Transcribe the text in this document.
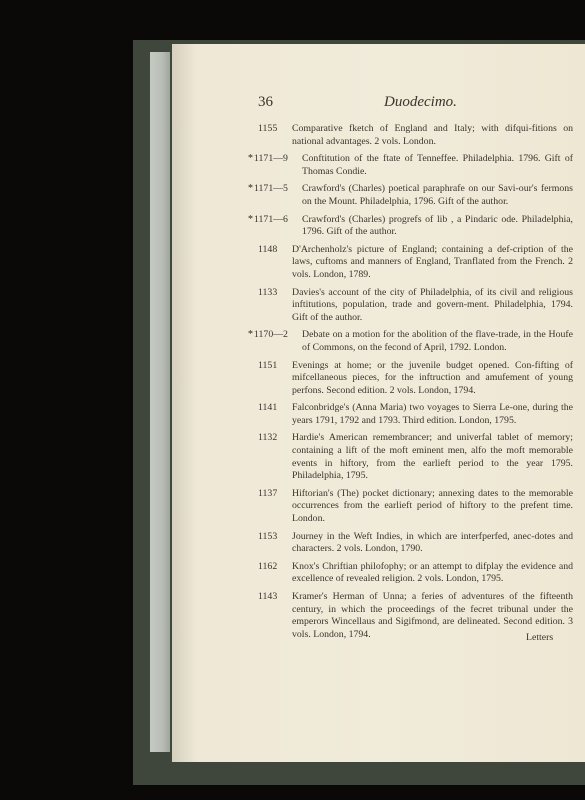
36	Duodecimo.
1155	Comparative fketch of England and Italy; with difqui-fitions on national advantages. 2 vols. London.
* 1171—9 Conftitution of the ftate of Tenneffee. Philadelphia. 1796. Gift of Thomas Condie.
* 1171—5 Crawford's (Charles) poetical paraphrafe on our Savi-our's fermons on the Mount. Philadelphia, 1796. Gift of the author.
* 1171—6 Crawford's (Charles) progrefs of lib , a Pindaric ode. Philadelphia, 1796. Gift of the author.
1148	D'Archenholz's picture of England; containing a def-cription of the laws, cuftoms and manners of England, Tranflated from the French. 2 vols. London, 1789.
1133	Davies's account of the city of Philadelphia, of its civil and religious inftitutions, population, trade and govern-ment. Philadelphia, 1794. Gift of the author.
* 1170—2 Debate on a motion for the abolition of the flave-trade, in the Houfe of Commons, on the fecond of April, 1792. London.
1151	Evenings at home; or the juvenile budget opened. Con-fifting of mifcellaneous pieces, for the inftruction and amufement of young perfons. Second edition. 2 vols. London, 1794.
1141	Falconbridge's (Anna Maria) two voyages to Sierra Le-one, during the years 1791, 1792 and 1793. Third edition. London, 1795.
1132	Hardie's American remembrancer; and univerfal tablet of memory; containing a lift of the moft eminent men, alfo the moft memorable events in hiftory, from the earlieft period to the year 1795. Philadelphia, 1795.
1137	Hiftorian's (The) pocket dictionary; annexing dates to the memorable occurrences from the earlieft period of hiftory to the prefent time. London.
1153	Journey in the Weft Indies, in which are interfperfed, anec-dotes and characters. 2 vols. London, 1790.
1162	Knox's Chriftian philofophy; or an attempt to difplay the evidence and excellence of revealed religion. 2 vols. London, 1795.
1143	Kramer's Herman of Unna; a feries of adventures of the fifteenth century, in which the proceedings of the fecret tribunal under the emperors Wincellaus and Sigifmond, are delineated. Second edition. 3 vols. London, 1794.	Letters
